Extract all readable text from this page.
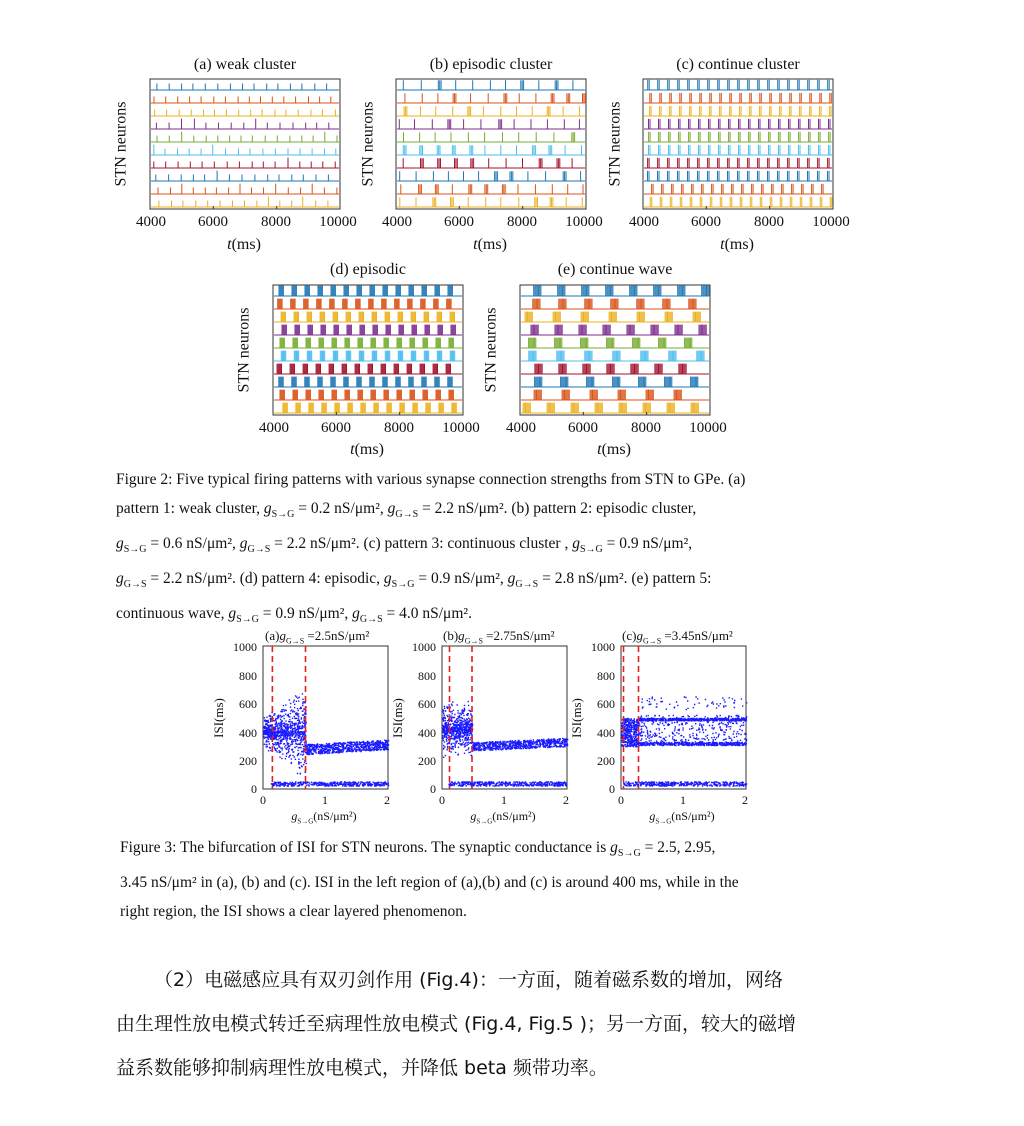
(a) weak cluster	(b) episodic cluster	(c) continue cluster
(d) episodic	(e) continue wave
STN neurons	STN neurons	STN neurons
STN neurons	STN neurons
4000 6000 8000 10000 4000 6000 8000 10000 4000 6000 8000 10000
t(ms)	t(ms)	t(ms)
4000 6000 8000 10000 4000 6000 8000 10000
t(ms)	t(ms)
Figure 2: Five typical firing patterns with various synapse connection strengths from STN to GPe. (a)
pattern 1: weak cluster, $g_{S\to G} = 0.2$ nS/μm², $g_{G\to S} = 2.2$ nS/μm². (b) pattern 2: episodic cluster,
$g_{S\to G} = 0.6$ nS/μm², $g_{G\to S} = 2.2$ nS/μm². (c) pattern 3: continuous cluster , $g_{S\to G} = 0.9$ nS/μm²,
$g_{G\to S} = 2.2$ nS/μm². (d) pattern 4: episodic, $g_{S\to G} = 0.9$ nS/μm², $g_{G\to S} = 2.8$ nS/μm². (e) pattern 5:
continuous wave, $g_{S\to G} = 0.9$ nS/μm², $g_{G\to S} = 4.0$ nS/μm².
$(a)g_{G\to S} =2.5nS/\mu m^2$	$(b)g_{G\to S} =2.75nS/\mu m^2$	$(c)g_{G\to S} =3.45nS/\mu m^2$
ISI(ms)	ISI(ms)	ISI(ms)
1000
800
600
400
200
0
1000
800
600
400
200
0
1000
800
600
400
200
0
0	1	2	0	1	2	0	1	2
$g_{S\to G}(nS/\mu m^2)$	$g_{S\to G}(nS/\mu m^2)$	$g_{S\to G}(nS/\mu m^2)$
Figure 3: The bifurcation of ISI for STN neurons. The synaptic conductance is $g_{S\to G} = 2.5$, 2.95,
3.45 nS/μm² in (a), (b) and (c). ISI in the left region of (a),(b) and (c) is around 400 ms, while in the
right region, the ISI shows a clear layered phenomenon.
（2）电磁感应具有双刃剑作用 (Fig.4)：一方面，随着磁系数的增加，网络
由生理性放电模式转迁至病理性放电模式 (Fig.4, Fig.5 )；另一方面，较大的磁增
益系数能够抑制病理性放电模式，并降低 beta 频带功率。
